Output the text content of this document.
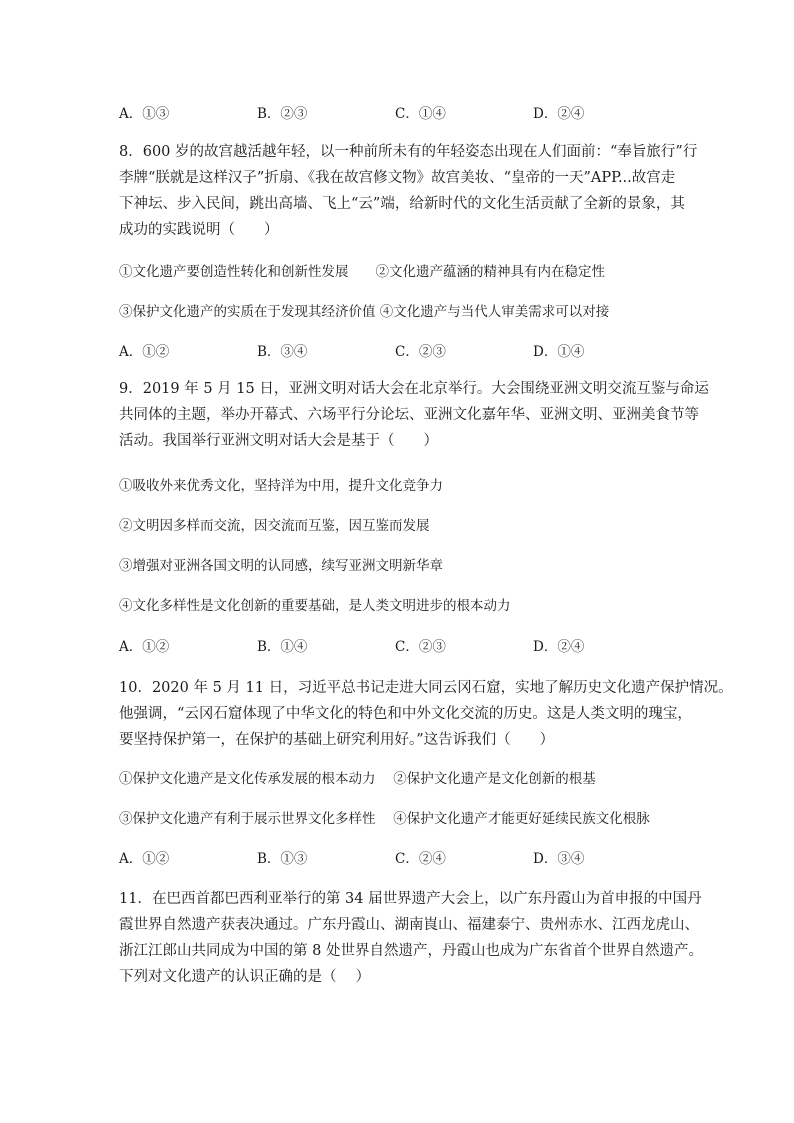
A．①③	B．②③	C．①④	D．②④
8．600 岁的故宫越活越年轻，以一种前所未有的年轻姿态出现在人们面前：“奉旨旅行”行
李牌“朕就是这样汉子”折扇、《我在故宫修文物》故宫美妆、“皇帝的一天”APP...故宫走
下神坛、步入民间，跳出高墙、飞上“云”端，给新时代的文化生活贡献了全新的景象，其
成功的实践说明（　　）
①文化遗产要创造性转化和创新性发展　　②文化遗产蕴涵的精神具有内在稳定性
③保护文化遗产的实质在于发现其经济价值 ④文化遗产与当代人审美需求可以对接
A．①②	B．③④	C．②③	D．①④
9．2019 年 5 月 15 日，亚洲文明对话大会在北京举行。大会围绕亚洲文明交流互鉴与命运
共同体的主题，举办开幕式、六场平行分论坛、亚洲文化嘉年华、亚洲文明、亚洲美食节等
活动。我国举行亚洲文明对话大会是基于（　　）
①吸收外来优秀文化，坚持洋为中用，提升文化竞争力
②文明因多样而交流，因交流而互鉴，因互鉴而发展
③增强对亚洲各国文明的认同感，续写亚洲文明新华章
④文化多样性是文化创新的重要基础，是人类文明进步的根本动力
A．①②	B．①④	C．②③	D．②④
10．2020 年 5 月 11 日，习近平总书记走进大同云冈石窟，实地了解历史文化遗产保护情况。
他强调，“云冈石窟体现了中华文化的特色和中外文化交流的历史。这是人类文明的瑰宝，
要坚持保护第一，在保护的基础上研究利用好。”这告诉我们（　　）
①保护文化遗产是文化传承发展的根本动力　 ②保护文化遗产是文化创新的根基
③保护文化遗产有利于展示世界文化多样性　 ④保护文化遗产才能更好延续民族文化根脉
A．①②	B．①③	C．②④	D．③④
11．在巴西首都巴西利亚举行的第 34 届世界遗产大会上，以广东丹霞山为首申报的中国丹
霞世界自然遗产获表决通过。广东丹霞山、湖南崀山、福建泰宁、贵州赤水、江西龙虎山、
浙江江郎山共同成为中国的第 8 处世界自然遗产，丹霞山也成为广东省首个世界自然遗产。
下列对文化遗产的认识正确的是（　 ）
